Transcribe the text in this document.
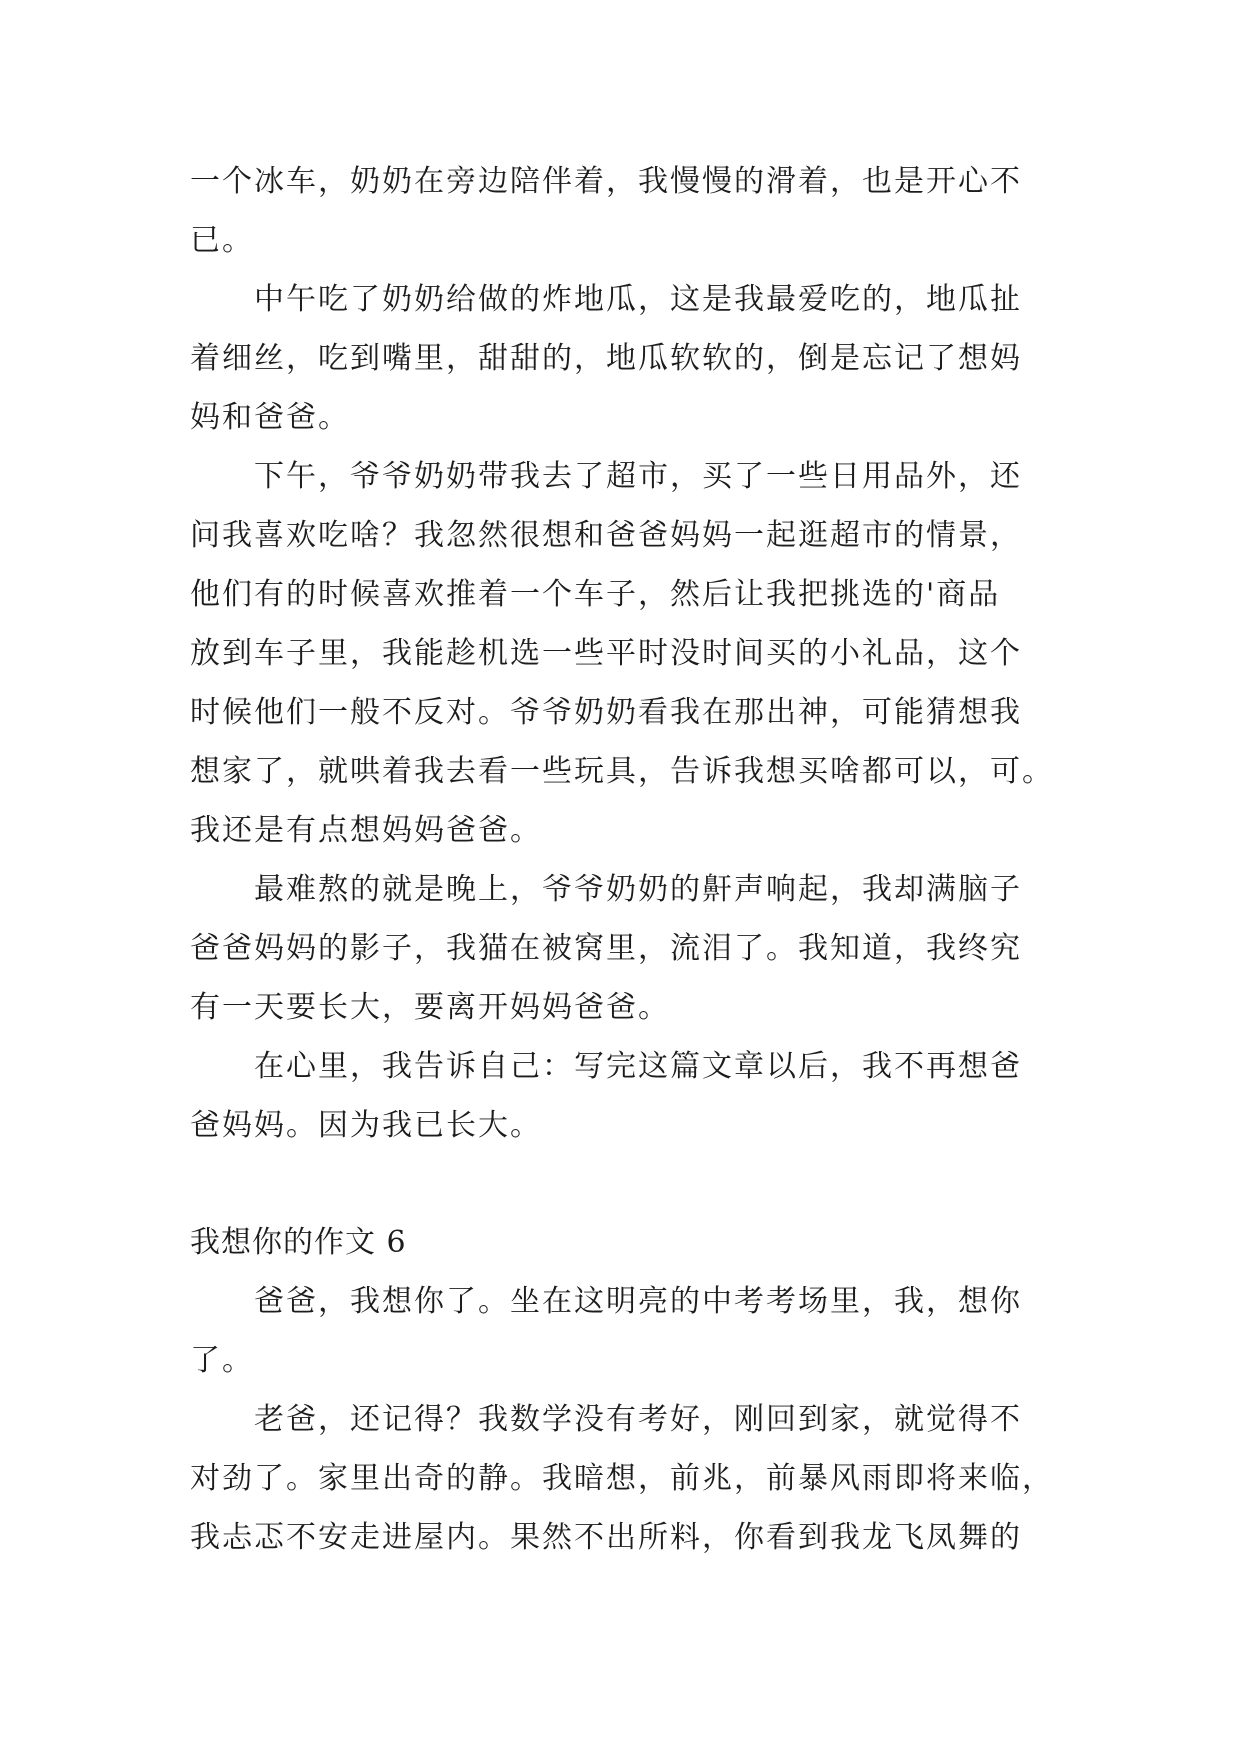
一个冰车，奶奶在旁边陪伴着，我慢慢的滑着，也是开心不
已。
中午吃了奶奶给做的炸地瓜，这是我最爱吃的，地瓜扯
着细丝，吃到嘴里，甜甜的，地瓜软软的，倒是忘记了想妈
妈和爸爸。
下午，爷爷奶奶带我去了超市，买了一些日用品外，还
问我喜欢吃啥？我忽然很想和爸爸妈妈一起逛超市的情景，
他们有的时候喜欢推着一个车子，然后让我把挑选的'商品
放到车子里，我能趁机选一些平时没时间买的小礼品，这个
时候他们一般不反对。爷爷奶奶看我在那出神，可能猜想我
想家了，就哄着我去看一些玩具，告诉我想买啥都可以，可。
我还是有点想妈妈爸爸。
最难熬的就是晚上，爷爷奶奶的鼾声响起，我却满脑子
爸爸妈妈的影子，我猫在被窝里，流泪了。我知道，我终究
有一天要长大，要离开妈妈爸爸。
在心里，我告诉自己：写完这篇文章以后，我不再想爸
爸妈妈。因为我已长大。
我想你的作文 6
爸爸，我想你了。坐在这明亮的中考考场里，我，想你
了。
老爸，还记得？我数学没有考好，刚回到家，就觉得不
对劲了。家里出奇的静。我暗想，前兆，前暴风雨即将来临，
我忐忑不安走进屋内。果然不出所料，你看到我龙飞凤舞的
